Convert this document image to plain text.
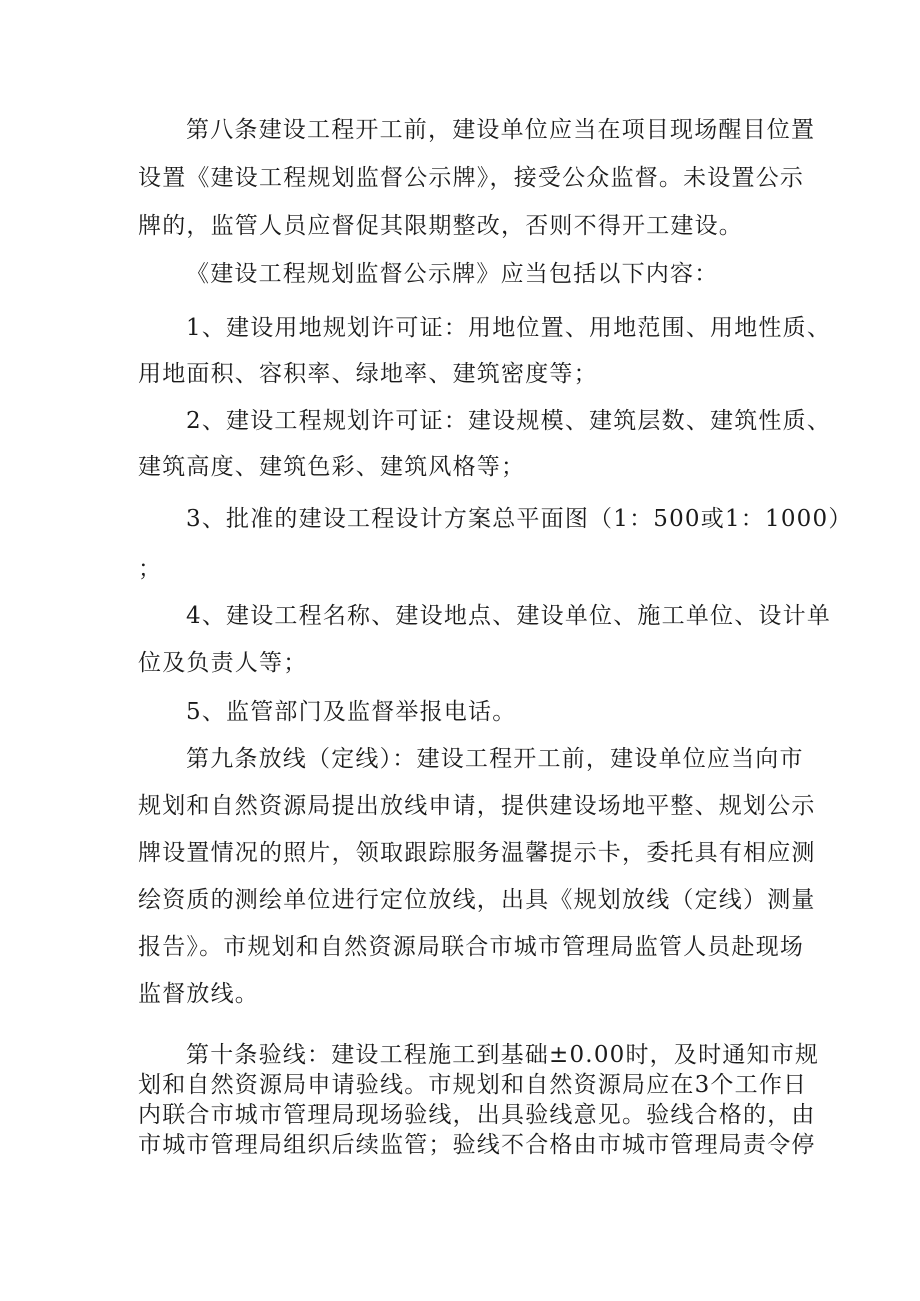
第八条建设工程开工前，建设单位应当在项目现场醒目位置
设置《建设工程规划监督公示牌》，接受公众监督。未设置公示
牌的，监管人员应督促其限期整改，否则不得开工建设。
《建设工程规划监督公示牌》应当包括以下内容：
1、建设用地规划许可证：用地位置、用地范围、用地性质、
用地面积、容积率、绿地率、建筑密度等；
2、建设工程规划许可证：建设规模、建筑层数、建筑性质、
建筑高度、建筑色彩、建筑风格等；
3、批准的建设工程设计方案总平面图（1：500或1：1000）
；
4、建设工程名称、建设地点、建设单位、施工单位、设计单
位及负责人等；
5、监管部门及监督举报电话。
第九条放线（定线）：建设工程开工前，建设单位应当向市
规划和自然资源局提出放线申请，提供建设场地平整、规划公示
牌设置情况的照片，领取跟踪服务温馨提示卡，委托具有相应测
绘资质的测绘单位进行定位放线，出具《规划放线（定线）测量
报告》。市规划和自然资源局联合市城市管理局监管人员赴现场
监督放线。
第十条验线：建设工程施工到基础±0.00时，及时通知市规
划和自然资源局申请验线。市规划和自然资源局应在3个工作日
内联合市城市管理局现场验线，出具验线意见。验线合格的，由
市城市管理局组织后续监管；验线不合格由市城市管理局责令停
